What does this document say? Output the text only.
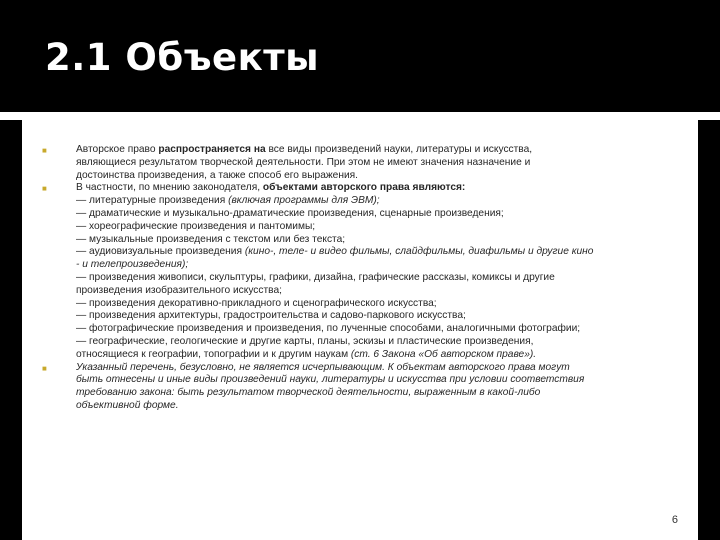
2.1 Объекты
■	Авторское право распространяется на все виды произведений науки, литературы и искусства,
являющиеся результатом творческой деятельности. При этом не имеют значения назначение и
достоинства произведения, а также способ его выражения.
■	В частности, по мнению законодателя, объектами авторского права являются:
— литературные произведения (включая программы для ЭВМ);
— драматические и музыкально-драматические произведения, сценарные произведения;
— хореографические произведения и пантомимы;
— музыкальные произведения с текстом или без текста;
— аудиовизуальные произведения (кино-, теле- и видео фильмы, слайдфильмы, диафильмы и другие кино
- и телепроизведения);
— произведения живописи, скульптуры, графики, дизайна, графические рассказы, комиксы и другие
произведения изобразительного искусства;
— произведения декоративно-прикладного и сценографического искусства;
— произведения архитектуры, градостроительства и садово-паркового искусства;
— фотографические произведения и произведения, по лученные способами, аналогичными фотографии;
— географические, геологические и другие карты, планы, эскизы и пластические произведения,
относящиеся к географии, топографии и к другим наукам (ст. 6 Закона «Об авторском праве»).
■	Указанный перечень, безусловно, не является исчерпывающим. К объектам авторского права могут
быть отнесены и иные виды произведений науки, литературы и искусства при условии соответствия
требованию закона: быть результатом творческой деятельности, выраженным в какой-либо
объективной форме.
6
